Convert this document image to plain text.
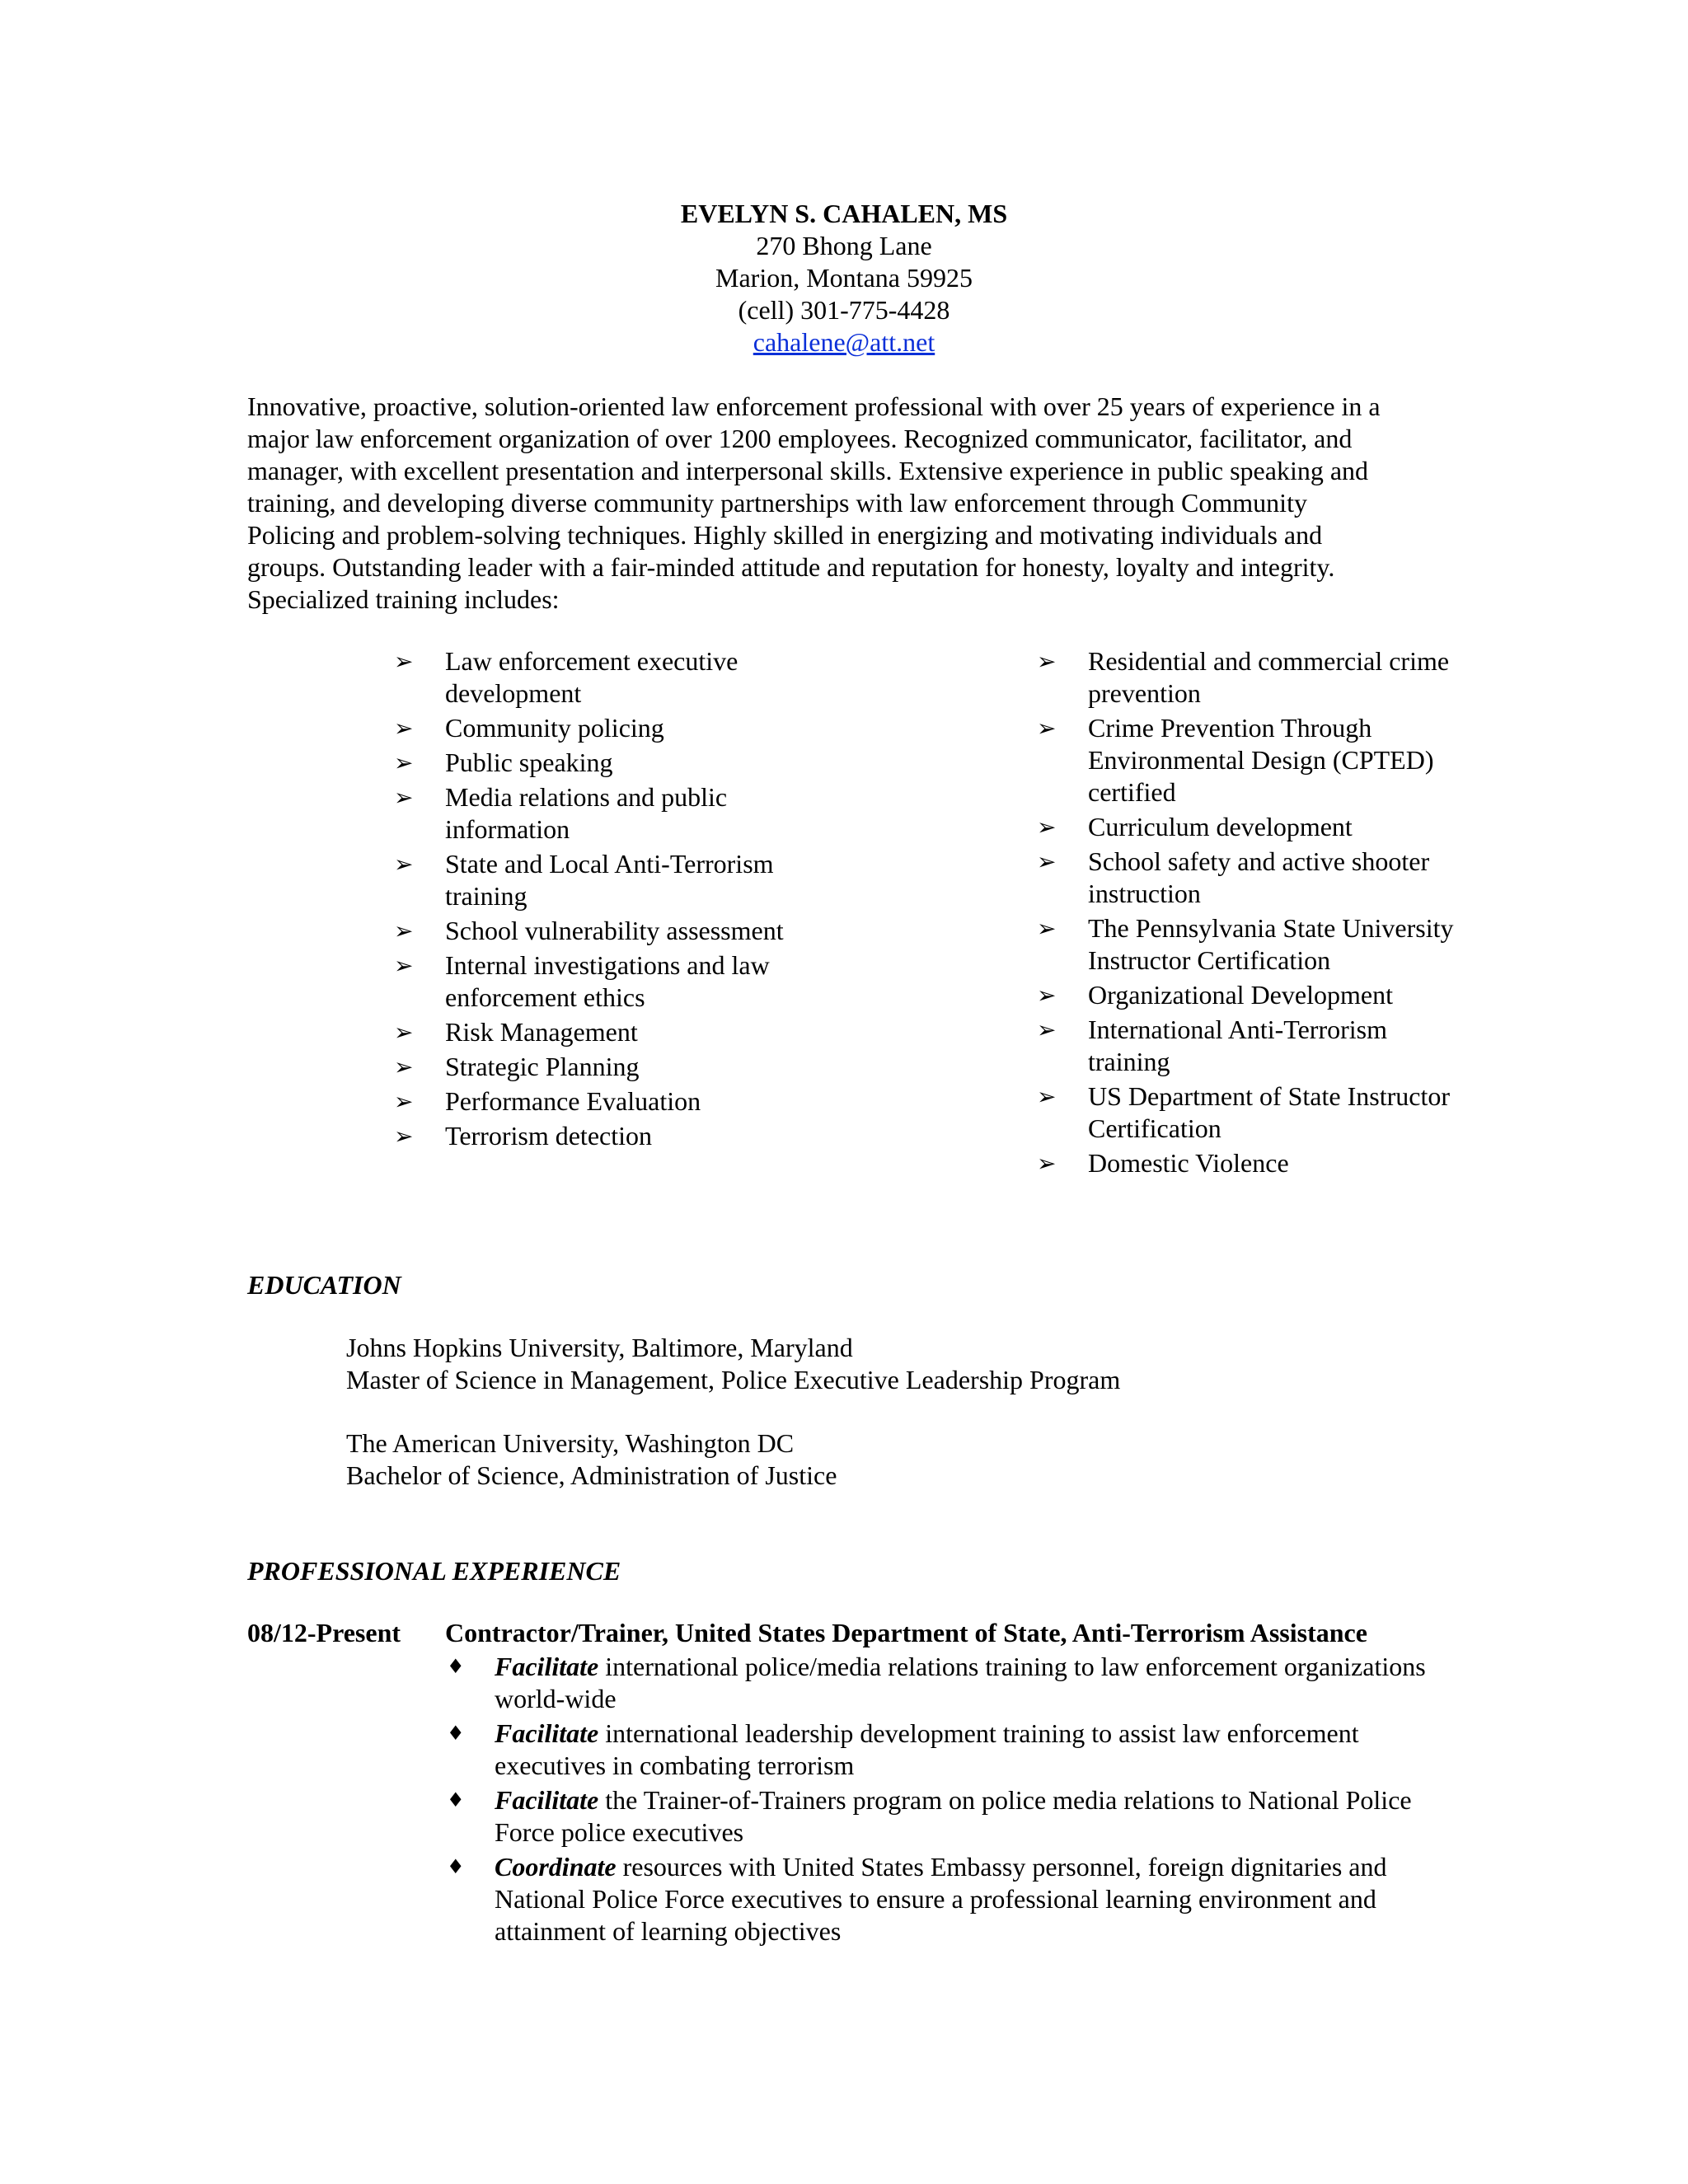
EVELYN S. CAHALEN, MS
270 Bhong Lane
Marion, Montana 59925
(cell) 301-775-4428
cahalene@att.net
Innovative, proactive, solution-oriented law enforcement professional with over 25 years of experience in a
major law enforcement organization of over 1200 employees. Recognized communicator, facilitator, and
manager, with excellent presentation and interpersonal skills. Extensive experience in public speaking and
training, and developing diverse community partnerships with law enforcement through Community
Policing and problem-solving techniques. Highly skilled in energizing and motivating individuals and
groups. Outstanding leader with a fair-minded attitude and reputation for honesty, loyalty and integrity.
Specialized training includes:
➢	Law enforcement executive development
➢	Community policing
➢	Public speaking
➢	Media relations and public information
➢	State and Local Anti-Terrorism training
➢	School vulnerability assessment
➢	Internal investigations and law enforcement ethics
➢	Risk Management
➢	Strategic Planning
➢	Performance Evaluation
➢	Terrorism detection
➢	Residential and commercial crime prevention
➢	Crime Prevention Through Environmental Design (CPTED) certified
➢	Curriculum development
➢	School safety and active shooter instruction
➢	The Pennsylvania State University Instructor Certification
➢	Organizational Development
➢	International Anti-Terrorism training
➢	US Department of State Instructor Certification
➢	Domestic Violence
EDUCATION
Johns Hopkins University, Baltimore, Maryland
Master of Science in Management, Police Executive Leadership Program
The American University, Washington DC
Bachelor of Science, Administration of Justice
PROFESSIONAL EXPERIENCE
08/12-Present Contractor/Trainer, United States Department of State, Anti-Terrorism Assistance
♦ Facilitate international police/media relations training to law enforcement organizations world-wide
♦ Facilitate international leadership development training to assist law enforcement executives in combating terrorism
♦ Facilitate the Trainer-of-Trainers program on police media relations to National Police Force police executives
♦ Coordinate resources with United States Embassy personnel, foreign dignitaries and National Police Force executives to ensure a professional learning environment and attainment of learning objectives
